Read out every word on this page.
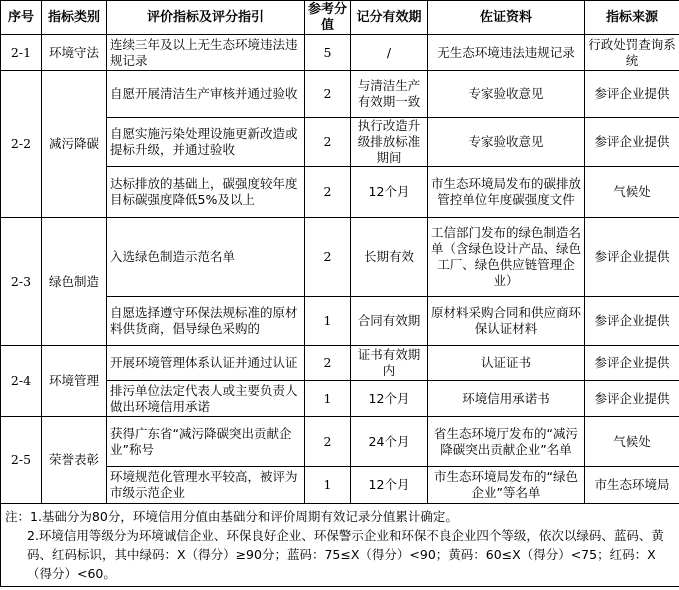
序号	指标类别	评价指标及评分指引	参考分值	记分有效期	佐证资料	指标来源
2-1	环境守法	连续三年及以上无生态环境违法违规记录	5	/	无生态环境违法违规记录	行政处罚查询系统
2-2	减污降碳	自愿开展清洁生产审核并通过验收	2	与清洁生产有效期一致	专家验收意见	参评企业提供
		自愿实施污染处理设施更新改造或提标升级，并通过验收	2	执行改造升级排放标准期间	专家验收意见	参评企业提供
		达标排放的基础上，碳强度较年度目标碳强度降低5%及以上	2	12个月	市生态环境局发布的碳排放管控单位年度碳强度文件	气候处
2-3	绿色制造	入选绿色制造示范名单	2	长期有效	工信部门发布的绿色制造名单（含绿色设计产品、绿色工厂、绿色供应链管理企业）	参评企业提供
		自愿选择遵守环保法规标准的原材料供货商，倡导绿色采购的	1	合同有效期	原材料采购合同和供应商环保认证材料	参评企业提供
2-4	环境管理	开展环境管理体系认证并通过认证	2	证书有效期内	认证证书	参评企业提供
		排污单位法定代表人或主要负责人做出环境信用承诺	1	12个月	环境信用承诺书	参评企业提供
2-5	荣誉表彰	获得广东省“减污降碳突出贡献企业”称号	2	24个月	省生态环境厅发布的“减污降碳突出贡献企业”名单	气候处
		环境规范化管理水平较高，被评为市级示范企业	1	12个月	市生态环境局发布的“绿色企业”等名单	市生态环境局

注：1.基础分为80分，环境信用分值由基础分和评价周期有效记录分值累计确定。
2.环境信用等级分为环境诚信企业、环保良好企业、环保警示企业和环保不良企业四个等级，依次以绿码、蓝码、黄码、红码标识，其中绿码：X（得分）≥90分；蓝码：75≤X（得分）<90；黄码：60≤X（得分）<75；红码：X（得分）<60。						
